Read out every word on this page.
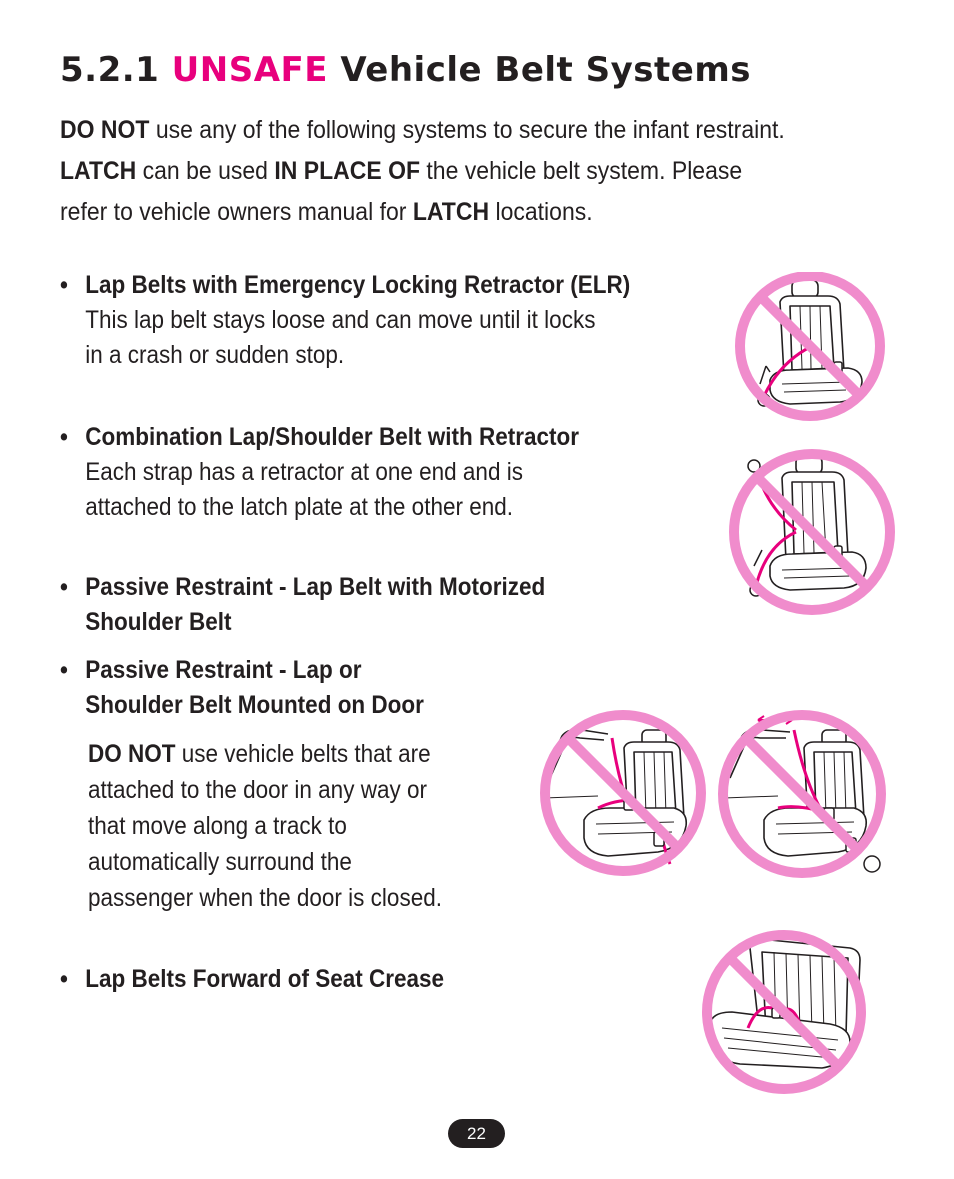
5.2.1 UNSAFE Vehicle Belt Systems
DO NOT use any of the following systems to secure the infant restraint.
LATCH can be used IN PLACE OF the vehicle belt system. Please
refer to vehicle owners manual for LATCH locations.
• Lap Belts with Emergency Locking Retractor (ELR)
This lap belt stays loose and can move until it locks
in a crash or sudden stop.
• Combination Lap/Shoulder Belt with Retractor
Each strap has a retractor at one end and is
attached to the latch plate at the other end.
• Passive Restraint - Lap Belt with Motorized
Shoulder Belt
• Passive Restraint - Lap or
Shoulder Belt Mounted on Door
DO NOT use vehicle belts that are
attached to the door in any way or
that move along a track to
automatically surround the
passenger when the door is closed.
• Lap Belts Forward of Seat Crease
22
